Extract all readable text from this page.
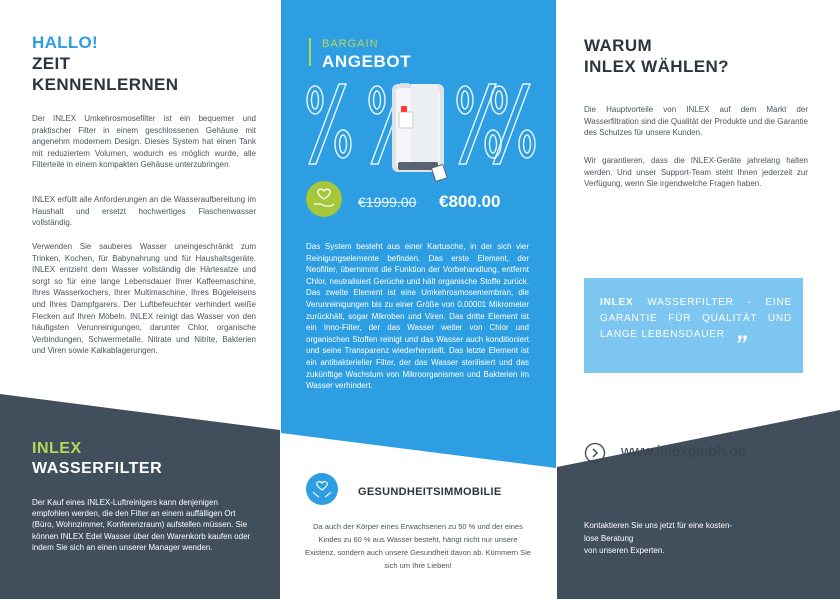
HALLO!
ZEIT
KENNENLERNEN
Der INLEX Umkehrosmosefilter ist ein bequemer und praktischer Filter in einem geschlossenen Gehäuse mit angenehm modernem Design. Dieses System hat einen Tank mit reduziertem Volumen, wodurch es möglich wurde, alle Filterteile in einem kompakten Gehäuse unterzubringen.
INLEX erfüllt alle Anforderungen an die Wasseraufbereitung im Haushalt und ersetzt hochwertiges Flaschenwasser vollständig.
Verwenden Sie sauberes Wasser uneingeschränkt zum Trinken, Kochen, für Babynahrung und für Haushaltsgeräte. INLEX entzieht dem Wasser vollständig die Härtesalze und sorgt so für eine lange Lebensdauer Ihrer Kaffeemaschine, Ihres Wasserkochers, Ihrer Multimaschine, Ihres Bügeleisens und Ihres Dampfgarers. Der Luftbefeuchter verhindert weiße Flecken auf Ihren Möbeln. INLEX reinigt das Wasser von den häufigsten Verunreinigungen, darunter Chlor, organische Verbindungen, Schwermetalle, Nitrate und Nitrite, Bakterien und Viren sowie Kalkablagerungen.
INLEX
WASSERFILTER
Der Kauf eines INLEX-Luftreinigers kann denjenigen empfohlen werden, die den Filter an einem auffälligen Ort (Büro, Wohnzimmer, Konferenzraum) aufstellen müssen. Sie können INLEX Edel Wasser über den Warenkorb kaufen oder indem Sie sich an einen unserer Manager wenden.
BARGAIN
ANGEBOT
€1999.00 €800.00
Das System besteht aus einer Kartusche, in der sich vier Reinigungselemente befinden. Das erste Element, der Neofilter, übernimmt die Funktion der Vorbehandlung, entfernt Chlor, neutralisiert Gerüche und hält organische Stoffe zurück. Das zweite Element ist eine Umkehrosmosemembran, die Verunreinigungen bis zu einer Größe von 0,00001 Mikrometer zurückhält, sogar Mikroben und Viren. Das dritte Element ist ein Inno-Filter, der das Wasser weiter von Chlor und organischen Stoffen reinigt und das Wasser auch konditioniert und seine Transparenz wiederherstellt. Das letzte Element ist ein antibakterieller Filter, der das Wasser sterilisiert und das zukünftige Wachstum von Mikroorganismen und Bakterien im Wasser verhindert.
GESUNDHEITSIMMOBILIE
Da auch der Körper eines Erwachsenen zu 50 % und der eines Kindes zu 60 % aus Wasser besteht, hängt nicht nur unsere Existenz, sondern auch unsere Gesundheit davon ab. Kümmern Sie sich um Ihre Lieben!
WARUM
INLEX WÄHLEN?
Die Hauptvorteile von INLEX auf dem Markt der Wasserfiltration sind die Qualität der Produkte und die Garantie des Schutzes für unsere Kunden.
Wir garantieren, dass die INLEX-Geräte jahrelang halten werden. Und unser Support-Team steht Ihnen jederzeit zur Verfügung, wenn Sie irgendwelche Fragen haben.
INLEX WASSERFILTER - EINE GARANTIE FÜR QUALITÄT UND LANGE LEBENSDAUER ”
www.inlexgmbh.de
Kontaktieren Sie uns jetzt für eine kosten-
lose Beratung
von unseren Experten.
